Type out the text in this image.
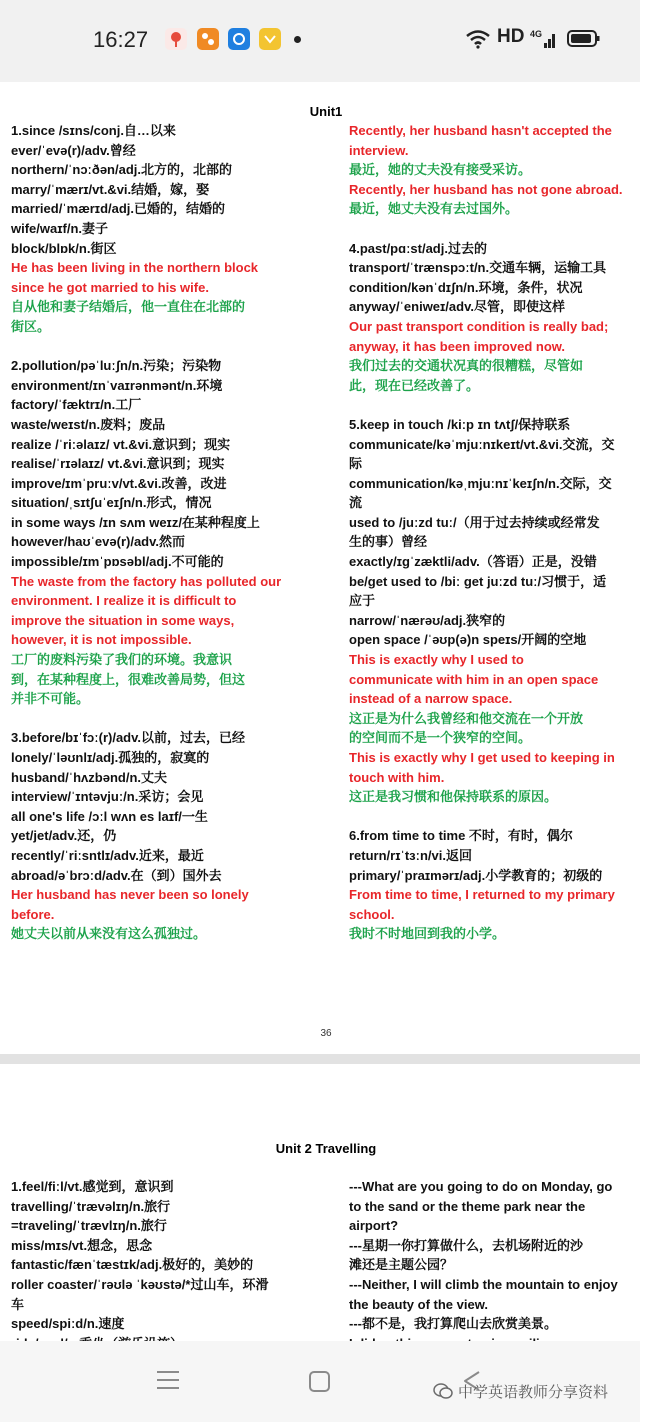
16:27	HD 4G
Unit1
1.since /sɪns/conj.自…以来
ever/ˈevə(r)/adv.曾经
northern/ˈnɔːðən/adj.北方的，北部的
marry/ˈmærɪ/vt.&vi.结婚，嫁，娶
married/ˈmærɪd/adj.已婚的，结婚的
wife/waɪf/n.妻子
block/blɒk/n.街区
He has been living in the northern block
since he got married to his wife.
自从他和妻子结婚后，他一直住在北部的
街区。
2.pollution/pəˈluːʃn/n.污染；污染物
environment/ɪnˈvaɪrənmənt/n.环境
factory/ˈfæktrɪ/n.工厂
waste/weɪst/n.废料；废品
realize /ˈriːəlaɪz/ vt.&vi.意识到；现实
realise/ˈrɪəlaɪz/ vt.&vi.意识到；现实
improve/ɪmˈpruːv/vt.&vi.改善，改进
situation/ˌsɪtʃuˈeɪʃn/n.形式，情况
in some ways /ɪn sʌm weɪz/在某种程度上
however/haʊˈevə(r)/adv.然而
impossible/ɪmˈpɒsəbl/adj.不可能的
The waste from the factory has polluted our
environment. I realize it is difficult to
improve the situation in some ways,
however, it is not impossible.
工厂的废料污染了我们的环境。我意识
到，在某种程度上，很难改善局势，但这
并非不可能。
3.before/bɪˈfɔː(r)/adv.以前，过去，已经
lonely/ˈləʊnlɪ/adj.孤独的，寂寞的
husband/ˈhʌzbənd/n.丈夫
interview/ˈɪntəvjuː/n.采访；会见
all one's life /ɔːl wʌn es laɪf/一生
yet/jet/adv.还，仍
recently/ˈriːsntlɪ/adv.近来，最近
abroad/əˈbrɔːd/adv.在（到）国外去
Her husband has never been so lonely
before.
她丈夫以前从来没有这么孤独过。
Recently, her husband hasn't accepted the
interview.
最近，她的丈夫没有接受采访。
Recently, her husband has not gone abroad.
最近，她丈夫没有去过国外。
4.past/pɑːst/adj.过去的
transport/ˈtrænspɔːt/n.交通车辆，运输工具
condition/kənˈdɪʃn/n.环境，条件，状况
anyway/ˈeniweɪ/adv.尽管，即使这样
Our past transport condition is really bad;
anyway, it has been improved now.
我们过去的交通状况真的很糟糕，尽管如
此，现在已经改善了。
5.keep in touch /kiːp ɪn tʌtʃ/保持联系
communicate/kəˈmjuːnɪkeɪt/vt.&vi.交流，交
际
communication/kəˌmjuːnɪˈkeɪʃn/n.交际，交
流
used to /juːzd tuː/（用于过去持续或经常发
生的事）曾经
exactly/ɪgˈzæktli/adv.（答语）正是，没错
be/get used to /biː get juːzd tuː/习惯于，适
应于
narrow/ˈnærəʊ/adj.狭窄的
open space /ˈəʊp(ə)n speɪs/开阔的空地
This is exactly why I used to
communicate with him in an open space
instead of a narrow space.
这正是为什么我曾经和他交流在一个开放
的空间而不是一个狭窄的空间。
This is exactly why I get used to keeping in
touch with him.
这正是我习惯和他保持联系的原因。
6.from time to time 不时，有时，偶尔
return/rɪˈtɜːn/vi.返回
primary/ˈpraɪmərɪ/adj.小学教育的；初级的
From time to time, I returned to my primary
school.
我时不时地回到我的小学。
36
Unit 2 Travelling
1.feel/fiːl/vt.感觉到，意识到
travelling/ˈtrævəlɪŋ/n.旅行
=traveling/ˈtrævlɪŋ/n.旅行
miss/mɪs/vt.想念，思念
fantastic/fænˈtæstɪk/adj.极好的，美妙的
roller coaster/ˈrəʊlə ˈkəʊstə/*过山车，环滑
车
speed/spiːd/n.速度
---What are you going to do on Monday, go
to the sand or the theme park near the
airport?
---星期一你打算做什么，去机场附近的沙
滩还是主题公园？
---Neither, I will climb the mountain to enjoy
the beauty of the view.
---都不是，我打算爬山去欣赏美景。
中学英语教师分享资料
